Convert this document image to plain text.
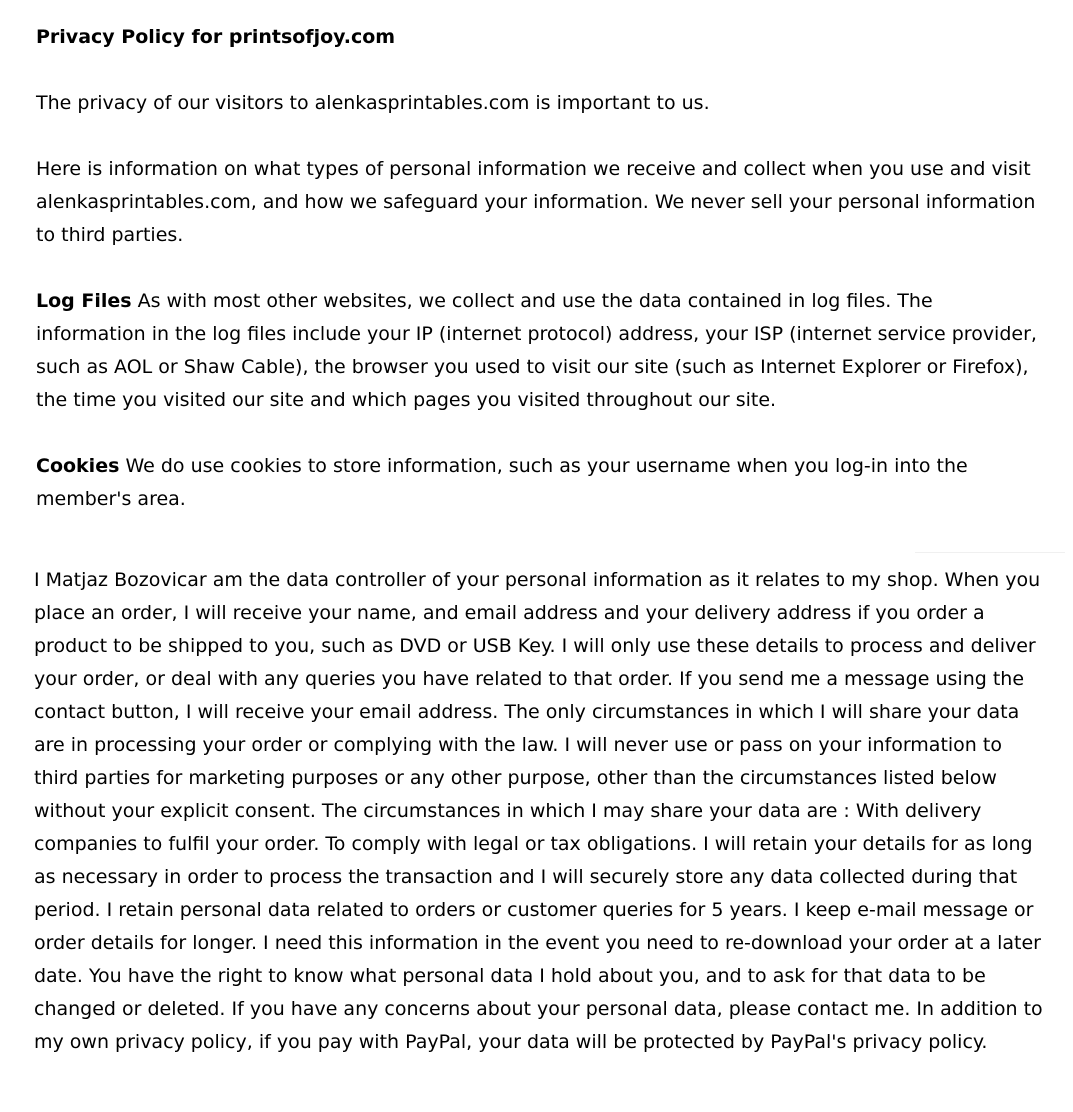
Privacy Policy for printsofjoy.com

The privacy of our visitors to alenkasprintables.com is important to us.

Here is information on what types of personal information we receive and collect when you use and visit alenkasprintables.com, and how we safeguard your information. We never sell your personal information to third parties.

Log Files As with most other websites, we collect and use the data contained in log files. The information in the log files include your IP (internet protocol) address, your ISP (internet service provider, such as AOL or Shaw Cable), the browser you used to visit our site (such as Internet Explorer or Firefox), the time you visited our site and which pages you visited throughout our site.

Cookies We do use cookies to store information, such as your username when you log-in into the member's area.

I Matjaz Bozovicar am the data controller of your personal information as it relates to my shop. When you place an order, I will receive your name, and email address and your delivery address if you order a product to be shipped to you, such as DVD or USB Key. I will only use these details to process and deliver your order, or deal with any queries you have related to that order. If you send me a message using the contact button, I will receive your email address. The only circumstances in which I will share your data are in processing your order or complying with the law. I will never use or pass on your information to third parties for marketing purposes or any other purpose, other than the circumstances listed below without your explicit consent. The circumstances in which I may share your data are : With delivery companies to fulfil your order. To comply with legal or tax obligations. I will retain your details for as long as necessary in order to process the transaction and I will securely store any data collected during that period. I retain personal data related to orders or customer queries for 5 years. I keep e-mail message or order details for longer. I need this information in the event you need to re-download your order at a later date. You have the right to know what personal data I hold about you, and to ask for that data to be changed or deleted. If you have any concerns about your personal data, please contact me. In addition to my own privacy policy, if you pay with PayPal, your data will be protected by PayPal's privacy policy.
